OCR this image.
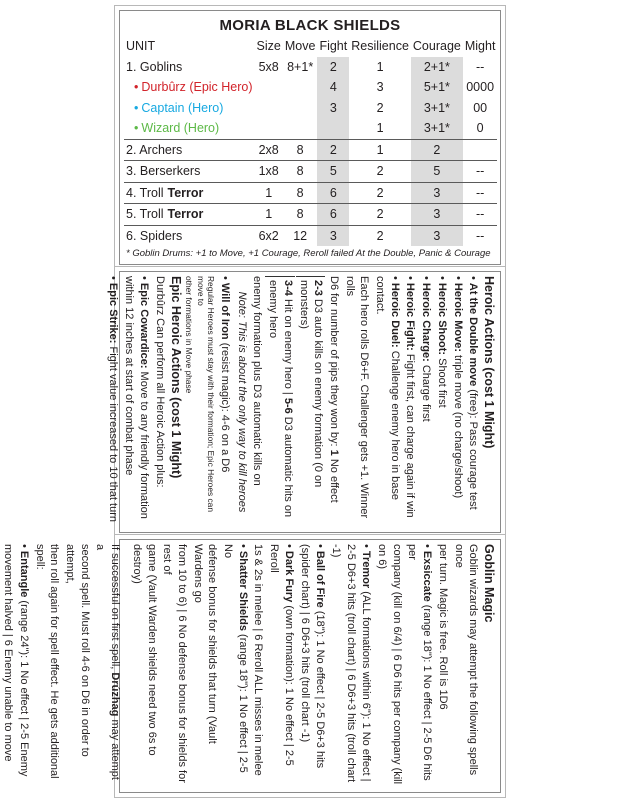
MORIA BLACK SHIELDS
UNIT	Size	Move	Fight	Resilience	Courage	Might
1. Goblins	5x8	8+1*	2	1	2+1*	--
• Durbûrz (Epic Hero)			4	3	5+1*	0000
• Captain (Hero)			3	2	3+1*	00
• Wizard (Hero)				1	3+1*	0
2. Archers	2x8	8	2	1	2	
3. Berserkers	1x8	8	5	2	5	--
4. Troll Terror	1	8	6	2	3	--
5. Troll Terror	1	8	6	2	3	--
6. Spiders	6x2	12	3	2	3	--
* Goblin Drums: +1 to Move, +1 Courage, Reroll failed At the Double, Panic & Courage

Heroic Actions (cost 1 Might)

• At the Double move (free): Pass courage test

• Heroic Move: triple move (no charge/shoot)

• Heroic Shoot: Shoot first

• Heroic Charge: Charge first

• Heroic Fight: Fight first, can charge again if win

• Heroic Duel: Challenge enemy hero in base contact.

Each hero rolls D6+F. Challenger gets +1. Winner rolls

D6 for number of pips they won by: 1 No effect

2-3 D3 auto kills on enemy formation (0 on monsters)

3-4 Hit on enemy hero | 5-6 D3 automatic hits on enemy hero

enemy formation plus D3 automatic kills on

Note: This is about the only way to kill heroes

• Will of Iron (resist magic): 4-6 on a D6

Regular Heroes must stay with their formation; Epic Heroes can move to

other formations in Move phase

Epic Heroic Actions (cost 1 Might)

Durbûrz Can perform all Heroic Action plus:

• Epic Cowardice: Move to any friendly formation

within 12 inches at start of combat phase

• Epic Strike: Fight value increased to 10 that turn

Goblin Magic

Goblin wizards may attempt the following spells once

per turn. Magic is free. Roll is 1D6

• Exsiccate (range 18"): 1 No effect | 2-5 D6 hits per

company (kill on 6/4) | 6 D6 hits per company (kill on 6)

• Tremor (ALL formations within 6"): 1 No effect |

2-5 D6+3 hits (troll chart) | 6 D6+3 hits (troll chart -1)

• Ball of Fire (18"): 1 No effect | 2-5 D6+3 hits

(spider chart) | 6 D6+3 hits (troll chart -1)

• Dark Fury (own formation): 1 No effect | 2-5 Reroll

1s & 2s in melee | 6 Reroll ALL misses in melee

• Shatter Shields (range 18"): 1 No effect | 2-5 No

defense bonus for shields that turn (Vault Wardens go

from 10 to 6) | 6 No defense bonus for shields for rest of

game (Vault Warden shields need two 6s to destroy)

If successful on first spell, Drúzhag may attempt a

second spell. Must roll 4-6 on D6 in order to attempt,

then roll again for spell effect. He gets additional spell:

• Entangle (range 24"): 1 No effect | 2-5 Enemy

movement halved | 6 Enemy unable to move
